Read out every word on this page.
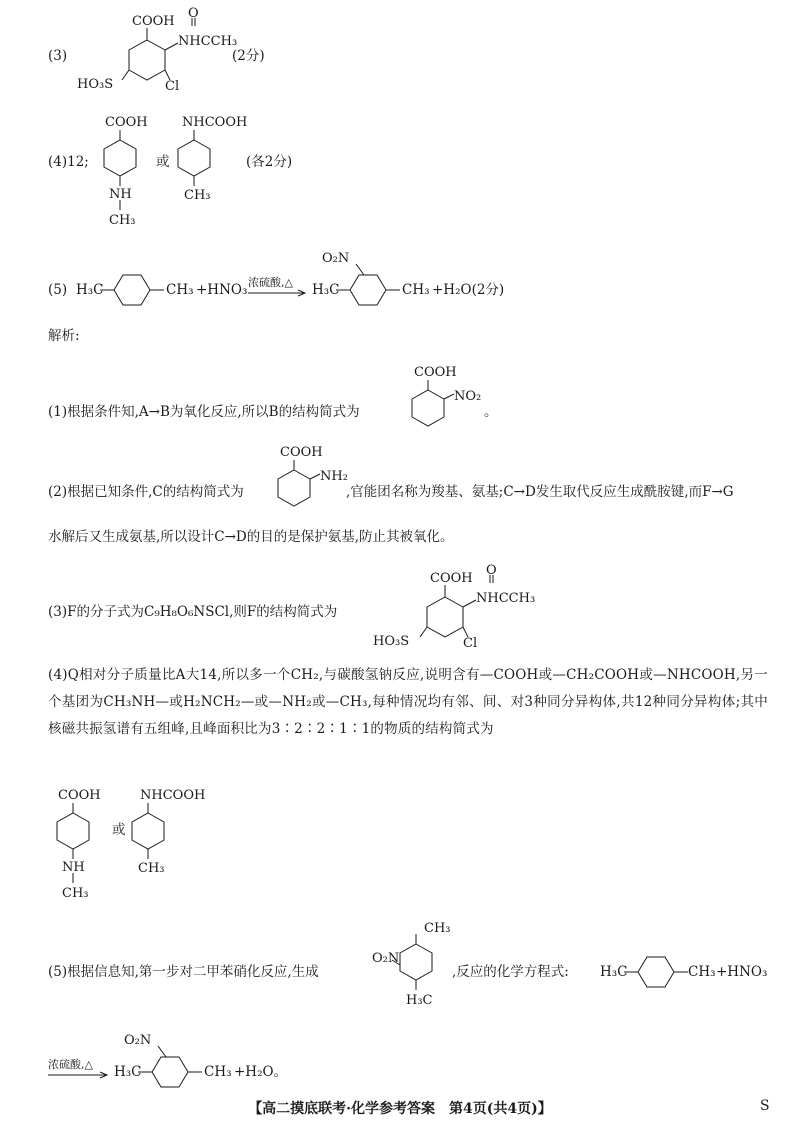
(3)
COOH
O
NHCCH₃
HO₃S	Cl
(2分)
(4)12;
COOH
NH
CH₃
或
NHCOOH
CH₃
(各2分)
(5) H₃C	CH₃ +HNO₃ 浓硫酸,△ → H₃C
O₂N
CH₃ +H₂O(2分)
解析:
(1)根据条件知,A→B为氧化反应,所以B的结构简式为
COOH
NO₂
。
(2)根据已知条件,C的结构简式为
COOH
NH₂
,官能团名称为羧基、氨基;C→D发生取代反应生成酰胺键,而F→G
水解后又生成氨基,所以设计C→D的目的是保护氨基,防止其被氧化。
(3)F的分子式为C₉H₈O₆NSCl,则F的结构简式为
COOH
O
NHCCH₃
HO₃S	Cl
(4)Q相对分子质量比A大14,所以多一个CH₂,与碳酸氢钠反应,说明含有—COOH或—CH₂COOH或—NHCOOH,另一个基团为CH₃NH—或H₂NCH₂—或—NH₂或—CH₃,每种情况均有邻、间、对3种同分异构体,共12种同分异构体;其中核磁共振氢谱有五组峰,且峰面积比为3∶2∶2∶1∶1的物质的结构简式为
COOH
NH
CH₃
或
NHCOOH
CH₃
(5)根据信息知,第一步对二甲苯硝化反应,生成
CH₃
O₂N
H₃C
,反应的化学方程式: H₃C	CH₃ +HNO₃
浓硫酸,△ → H₃C
O₂N
CH₃ +H₂O。
【高二摸底联考·化学参考答案　第4页(共4页)】	S
